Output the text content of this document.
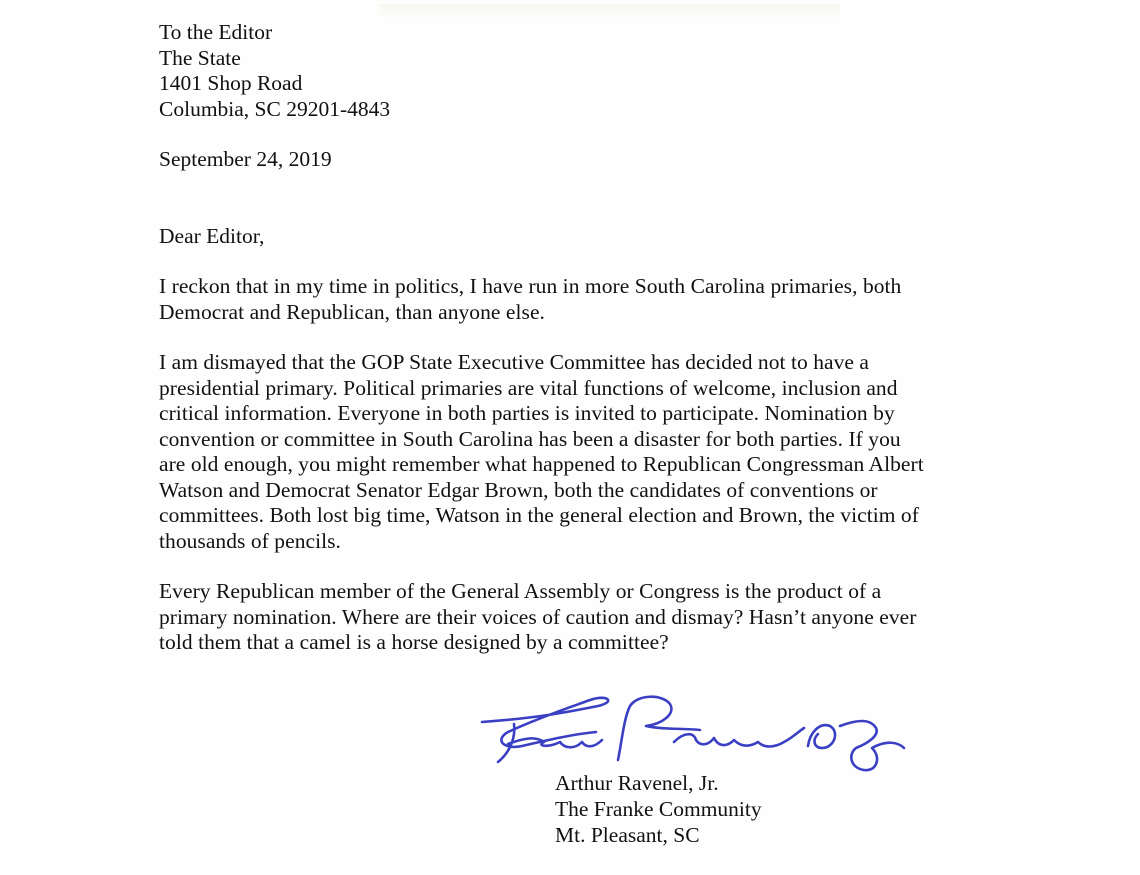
To the Editor
The State
1401 Shop Road
Columbia, SC 29201-4843
September 24, 2019
Dear Editor,
I reckon that in my time in politics, I have run in more South Carolina primaries, both
Democrat and Republican, than anyone else.
I am dismayed that the GOP State Executive Committee has decided not to have a
presidential primary. Political primaries are vital functions of welcome, inclusion and
critical information. Everyone in both parties is invited to participate. Nomination by
convention or committee in South Carolina has been a disaster for both parties. If you
are old enough, you might remember what happened to Republican Congressman Albert
Watson and Democrat Senator Edgar Brown, both the candidates of conventions or
committees. Both lost big time, Watson in the general election and Brown, the victim of
thousands of pencils.
Every Republican member of the General Assembly or Congress is the product of a
primary nomination. Where are their voices of caution and dismay? Hasn’t anyone ever
told them that a camel is a horse designed by a committee?
Arthur Ravenel, Jr.
The Franke Community
Mt. Pleasant, SC
